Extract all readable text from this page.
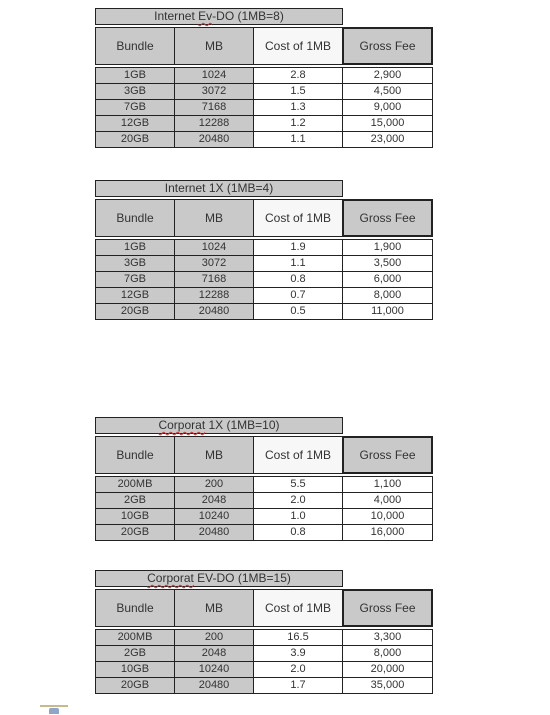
Internet Ev-DO (1MB=8)
Bundle	MB	Cost of 1MB	Gross Fee
1GB	1024	2.8	2,900
3GB	3072	1.5	4,500
7GB	7168	1.3	9,000
12GB	12288	1.2	15,000
20GB	20480	1.1	23,000
Internet 1X (1MB=4)
Bundle	MB	Cost of 1MB	Gross Fee
1GB	1024	1.9	1,900
3GB	3072	1.1	3,500
7GB	7168	0.8	6,000
12GB	12288	0.7	8,000
20GB	20480	0.5	11,000
Corporat 1X (1MB=10)
Bundle	MB	Cost of 1MB	Gross Fee
200MB	200	5.5	1,100
2GB	2048	2.0	4,000
10GB	10240	1.0	10,000
20GB	20480	0.8	16,000
Corporat EV-DO (1MB=15)
Bundle	MB	Cost of 1MB	Gross Fee
200MB	200	16.5	3,300
2GB	2048	3.9	8,000
10GB	10240	2.0	20,000
20GB	20480	1.7	35,000
